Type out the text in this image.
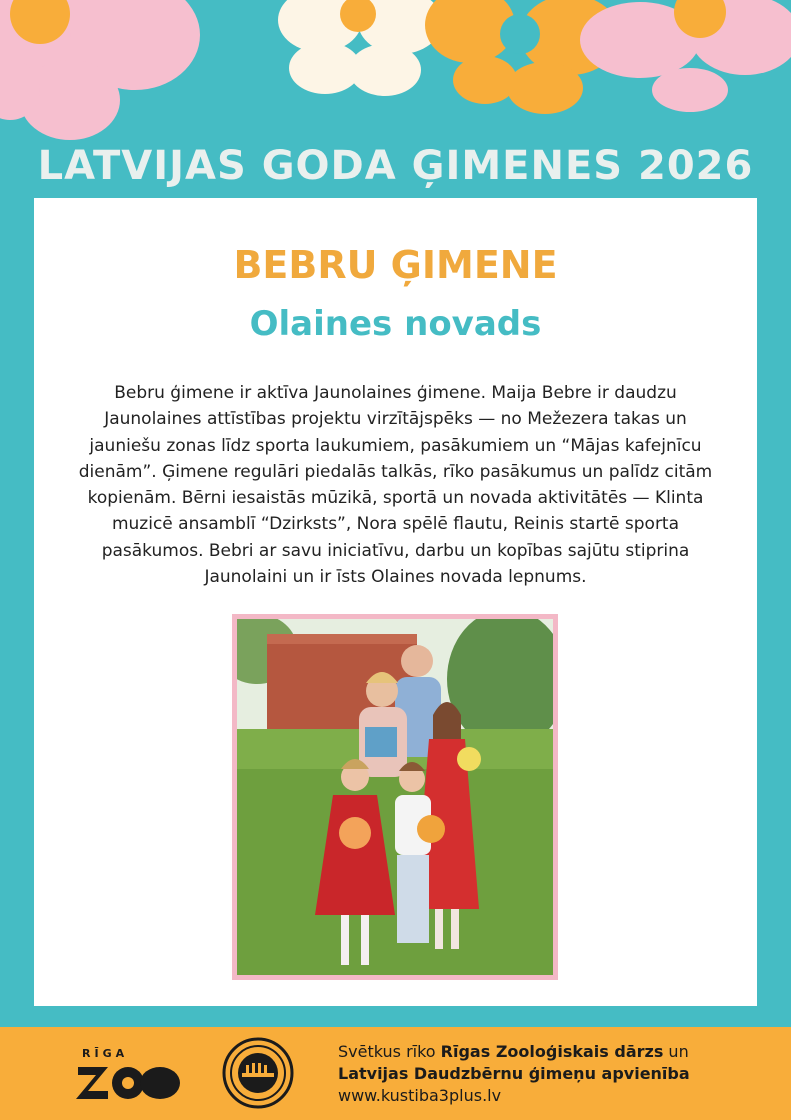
LATVIJAS GODA ĢIMENES 2026
BEBRU ĢIMENE
Olaines novads

Bebru ģimene ir aktīva Jaunolaines ģimene. Maija Bebre ir daudzu Jaunolaines attīstības projektu virzītājspēks — no Mežezera takas un jauniešu zonas līdz sporta laukumiem, pasākumiem un “Mājas kafejnīcu dienām”. Ģimene regulāri piedalās talkās, rīko pasākumus un palīdz citām kopienām. Bērni iesaistās mūzikā, sportā un novada aktivitātēs — Klinta muzicē ansamblī “Dzirksts”, Nora spēlē flautu, Reinis startē sporta pasākumos. Bebri ar savu iniciatīvu, darbu un kopības sajūtu stiprina Jaunolaini un ir īsts Olaines novada lepnums.

RĪGA	Svētkus rīko Rīgas Zooloģiskais dārzs un
Latvijas Daudzbērnu ģimeņu apvienība
www.kustiba3plus.lv
